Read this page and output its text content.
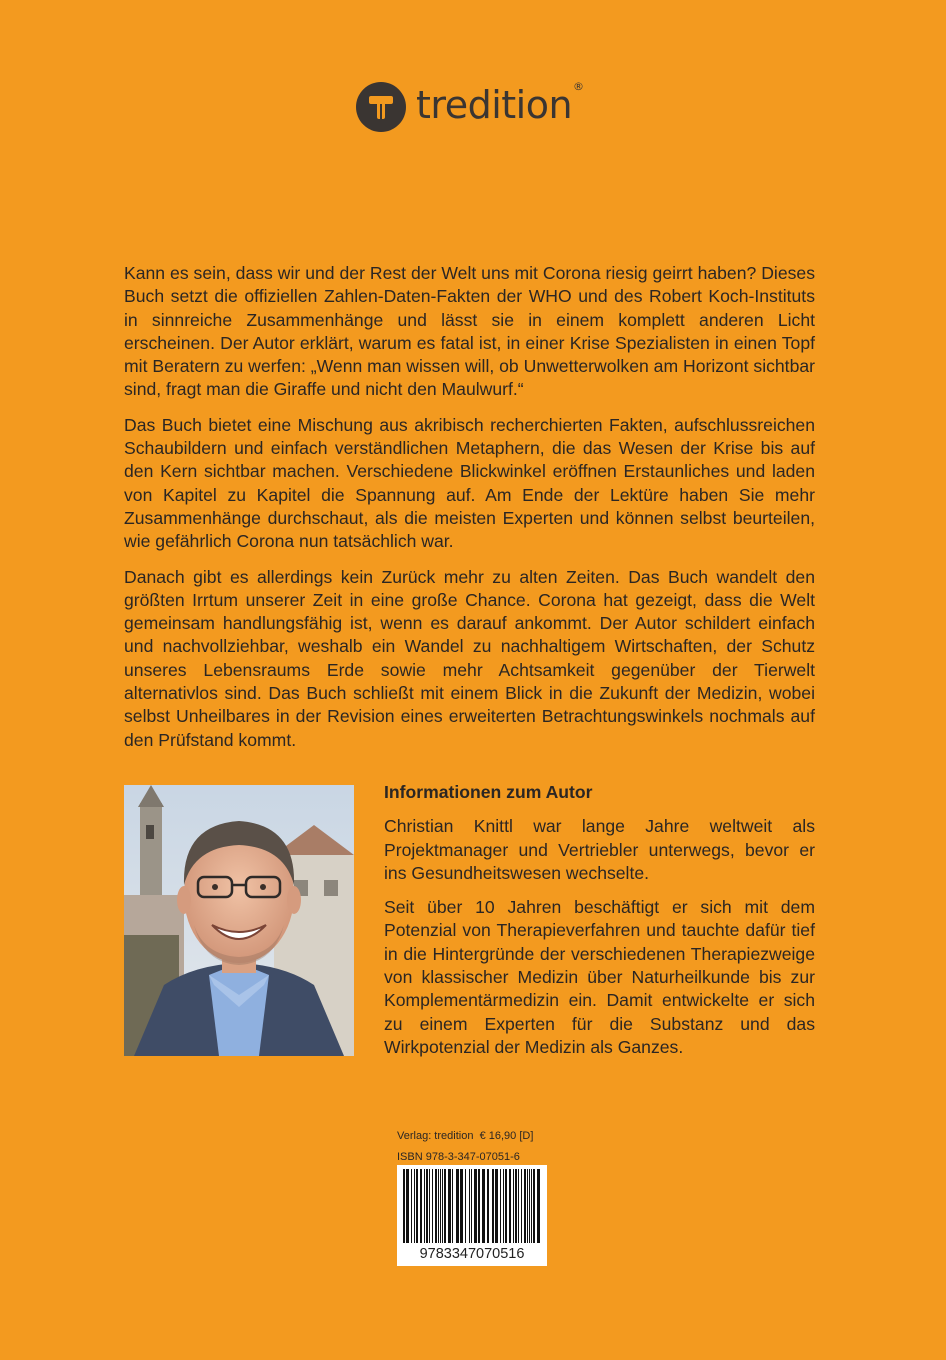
tredition®

Kann es sein, dass wir und der Rest der Welt uns mit Corona riesig geirrt haben? Dieses Buch setzt die offiziellen Zahlen-Daten-Fakten der WHO und des Robert Koch-Instituts in sinnreiche Zusammenhänge und lässt sie in einem komplett anderen Licht erscheinen. Der Autor erklärt, warum es fatal ist, in einer Krise Spezialisten in einen Topf mit Beratern zu werfen: „Wenn man wissen will, ob Unwetterwolken am Horizont sichtbar sind, fragt man die Giraffe und nicht den Maulwurf.“

Das Buch bietet eine Mischung aus akribisch recherchierten Fakten, aufschlussreichen Schaubildern und einfach verständlichen Metaphern, die das Wesen der Krise bis auf den Kern sichtbar machen. Verschiedene Blickwinkel eröffnen Erstaunliches und laden von Kapitel zu Kapitel die Spannung auf. Am Ende der Lektüre haben Sie mehr Zusammenhänge durchschaut, als die meisten Experten und können selbst beurteilen, wie gefährlich Corona nun tatsächlich war.

Danach gibt es allerdings kein Zurück mehr zu alten Zeiten. Das Buch wandelt den größten Irrtum unserer Zeit in eine große Chance. Corona hat gezeigt, dass die Welt gemeinsam handlungsfähig ist, wenn es darauf ankommt. Der Autor schildert einfach und nachvollziehbar, weshalb ein Wandel zu nachhaltigem Wirtschaften, der Schutz unseres Lebensraums Erde sowie mehr Achtsamkeit gegenüber der Tierwelt alternativlos sind. Das Buch schließt mit einem Blick in die Zukunft der Medizin, wobei selbst Unheilbares in der Revision eines erweiterten Betrachtungswinkels nochmals auf den Prüfstand kommt.

Informationen zum Autor

Christian Knittl war lange Jahre weltweit als Projektmanager und Vertriebler unterwegs, bevor er ins Gesundheitswesen wechselte.

Seit über 10 Jahren beschäftigt er sich mit dem Potenzial von Therapieverfahren und tauchte dafür tief in die Hintergründe der verschiedenen Therapiezweige von klassischer Medizin über Naturheilkunde bis zur Komplementärmedizin ein. Damit entwickelte er sich zu einem Experten für die Substanz und das Wirkpotenzial der Medizin als Ganzes.

Verlag: tredition € 16,90 [D]
ISBN 978-3-347-07051-6
9783347070516
